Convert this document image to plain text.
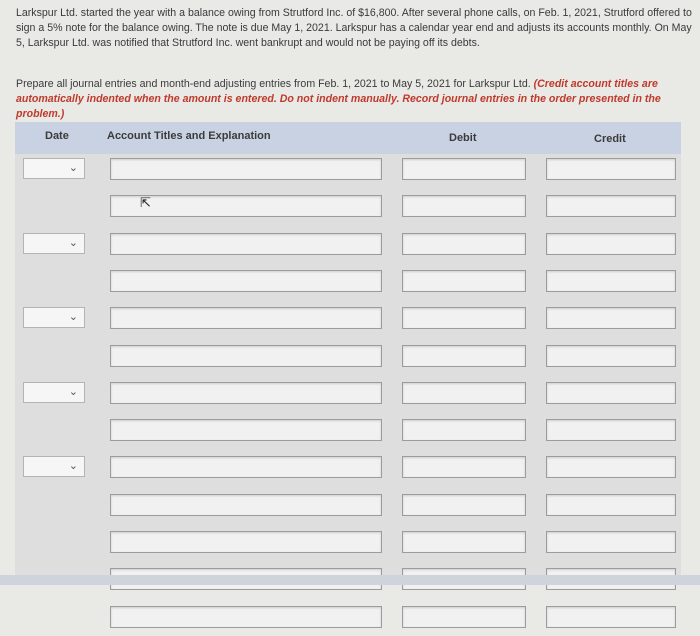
Larkspur Ltd. started the year with a balance owing from Strutford Inc. of $16,800. After several phone calls, on Feb. 1, 2021, Strutford offered to sign a 5% note for the balance owing. The note is due May 1, 2021. Larkspur has a calendar year end and adjusts its accounts monthly. On May 5, Larkspur Ltd. was notified that Strutford Inc. went bankrupt and would not be paying off its debts.

Prepare all journal entries and month-end adjusting entries from Feb. 1, 2021 to May 5, 2021 for Larkspur Ltd. (Credit account titles are automatically indented when the amount is entered. Do not indent manually. Record journal entries in the order presented in the problem.)

Date	Account Titles and Explanation	Debit	Credit
⌄
⌄
⌄
⌄
⌄
⇱
